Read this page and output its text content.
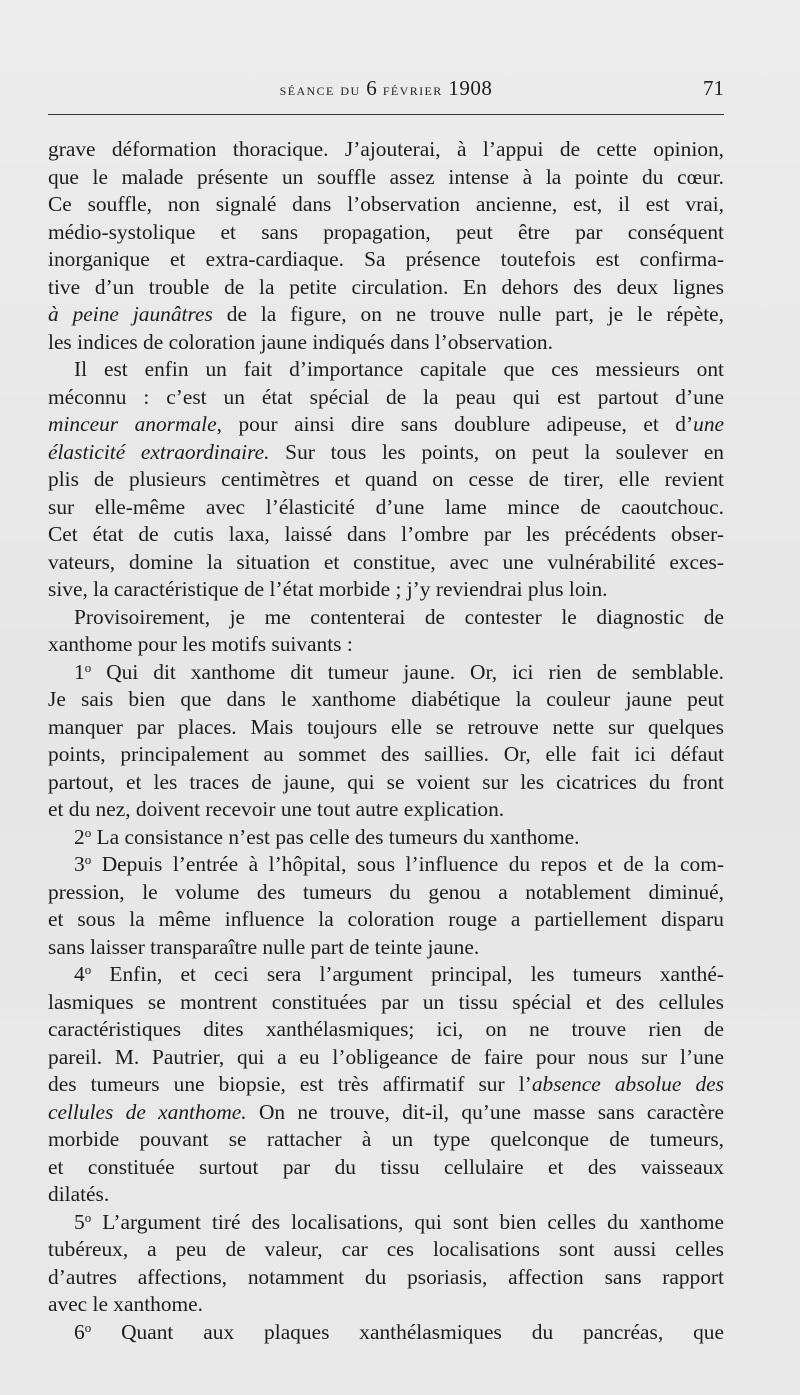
séance du 6 février 1908	71
grave déformation thoracique. J’ajouterai, à l’appui de cette opinion,
que le malade présente un souffle assez intense à la pointe du cœur.
Ce souffle, non signalé dans l’observation ancienne, est, il est vrai,
médio-systolique et sans propagation, peut être par conséquent
inorganique et extra-cardiaque. Sa présence toutefois est confirma-
tive d’un trouble de la petite circulation. En dehors des deux lignes
à peine jaunâtres de la figure, on ne trouve nulle part, je le répète,
les indices de coloration jaune indiqués dans l’observation.
Il est enfin un fait d’importance capitale que ces messieurs ont
méconnu : c’est un état spécial de la peau qui est partout d’une
minceur anormale, pour ainsi dire sans doublure adipeuse, et d’une
élasticité extraordinaire. Sur tous les points, on peut la soulever en
plis de plusieurs centimètres et quand on cesse de tirer, elle revient
sur elle-même avec l’élasticité d’une lame mince de caoutchouc.
Cet état de cutis laxa, laissé dans l’ombre par les précédents obser-
vateurs, domine la situation et constitue, avec une vulnérabilité exces-
sive, la caractéristique de l’état morbide ; j’y reviendrai plus loin.
Provisoirement, je me contenterai de contester le diagnostic de
xanthome pour les motifs suivants :
1$^o$ Qui dit xanthome dit tumeur jaune. Or, ici rien de semblable.
Je sais bien que dans le xanthome diabétique la couleur jaune peut
manquer par places. Mais toujours elle se retrouve nette sur quelques
points, principalement au sommet des saillies. Or, elle fait ici défaut
partout, et les traces de jaune, qui se voient sur les cicatrices du front
et du nez, doivent recevoir une tout autre explication.
2$^o$ La consistance n’est pas celle des tumeurs du xanthome.
3$^o$ Depuis l’entrée à l’hôpital, sous l’influence du repos et de la com-
pression, le volume des tumeurs du genou a notablement diminué,
et sous la même influence la coloration rouge a partiellement disparu
sans laisser transparaître nulle part de teinte jaune.
4$^o$ Enfin, et ceci sera l’argument principal, les tumeurs xanthé-
lasmiques se montrent constituées par un tissu spécial et des cellules
caractéristiques dites xanthélasmiques; ici, on ne trouve rien de
pareil. M. Pautrier, qui a eu l’obligeance de faire pour nous sur l’une
des tumeurs une biopsie, est très affirmatif sur l’absence absolue des
cellules de xanthome. On ne trouve, dit-il, qu’une masse sans caractère
morbide pouvant se rattacher à un type quelconque de tumeurs,
et constituée surtout par du tissu cellulaire et des vaisseaux
dilatés.
5$^o$ L’argument tiré des localisations, qui sont bien celles du xanthome
tubéreux, a peu de valeur, car ces localisations sont aussi celles
d’autres affections, notamment du psoriasis, affection sans rapport
avec le xanthome.
6$^o$ Quant aux plaques xanthélasmiques du pancréas, que
